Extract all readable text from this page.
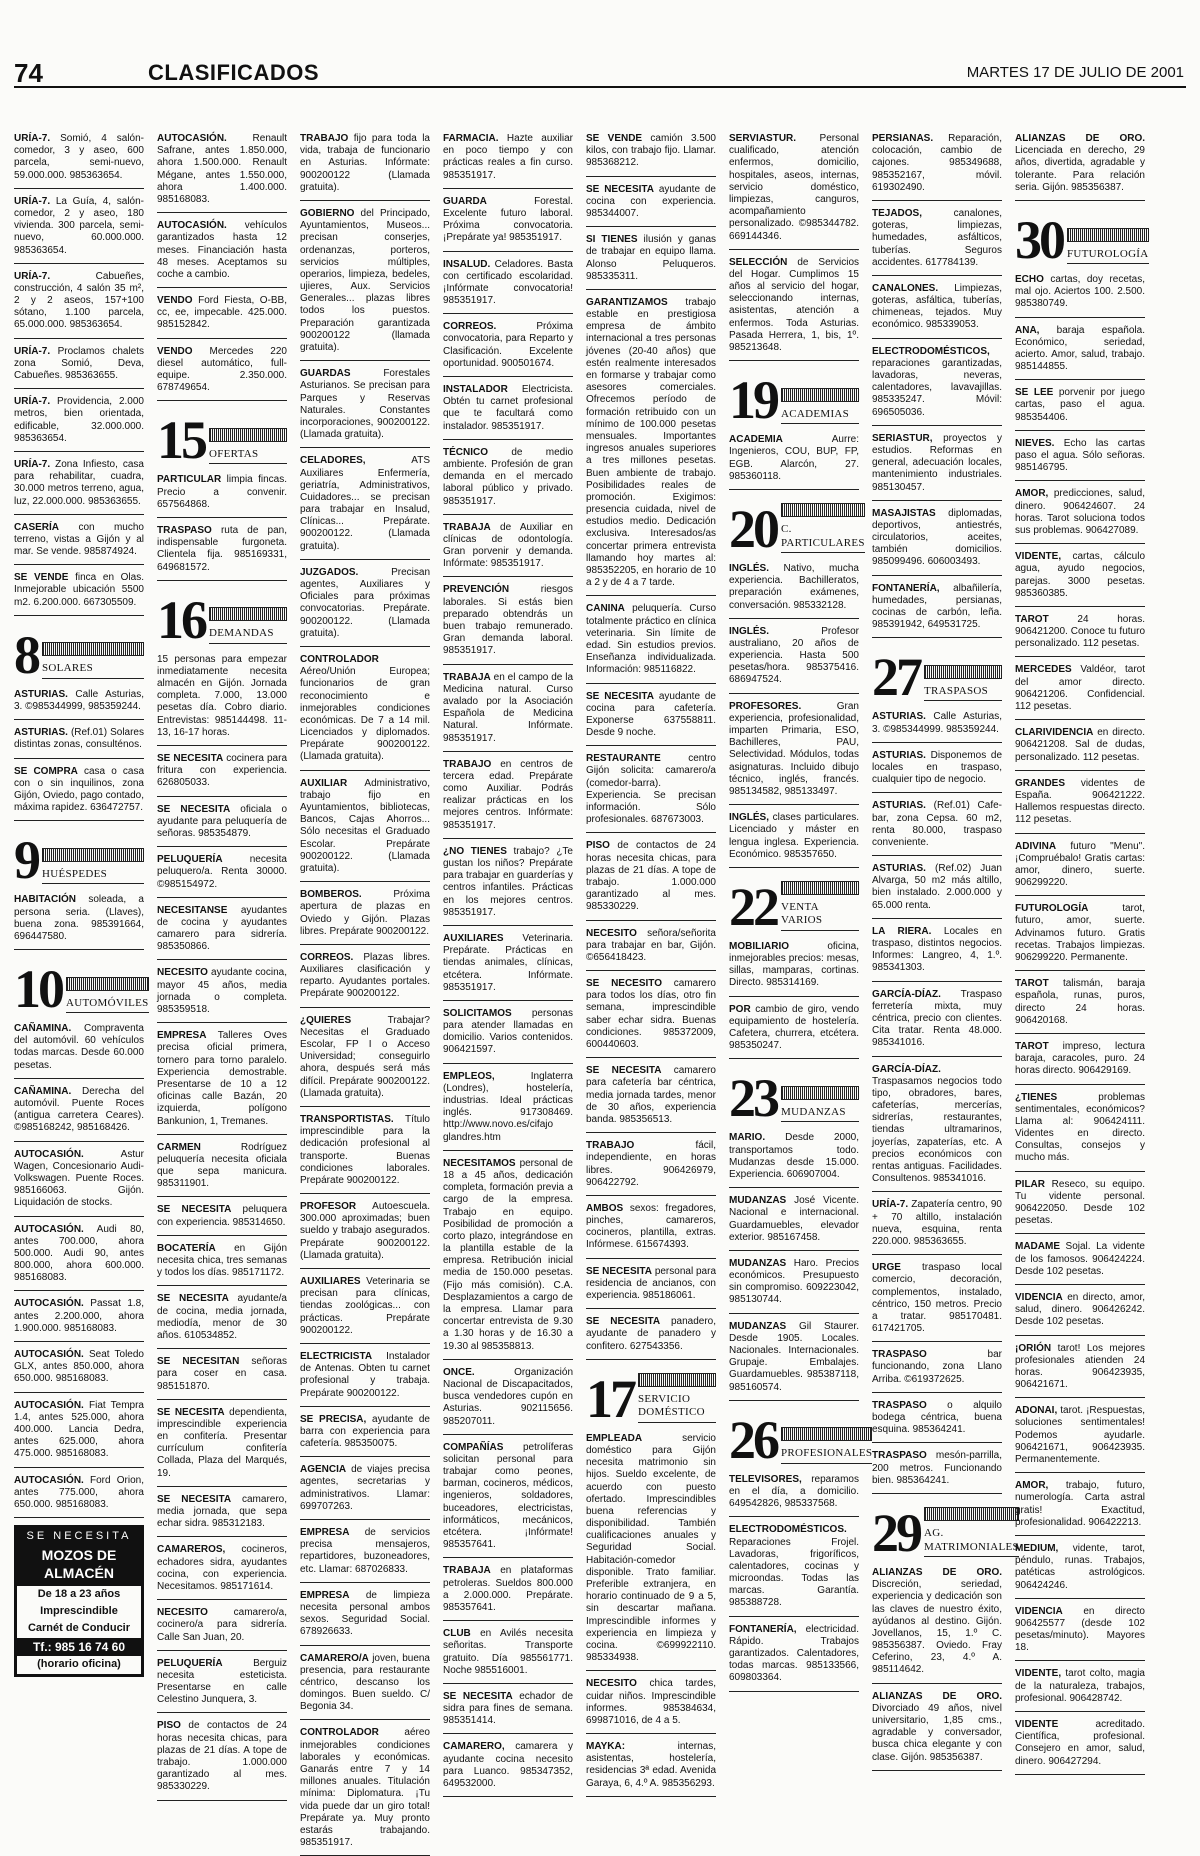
74	CLASIFICADOS	MARTES 17 DE JULIO DE 2001

URÍA-7. Somió, 4 salón-comedor, 3 y aseo, 600 parcela, semi-nuevo, 59.000.000. 985363654.

URÍA-7. La Guía, 4, salón-comedor, 2 y aseo, 180 vivienda. 300 parcela, semi-nuevo, 60.000.000. 985363654.

URÍA-7.	Cabueñes, construcción, 4 salón 35 m², 2 y 2 aseos, 157+100 sótano, 1.100 parcela, 65.000.000. 985363654.

URÍA-7. Proclamos chalets zona Somió, Deva, Cabueñes. 985363655.

URÍA-7. Providencia, 2.000 metros, bien orientada, edificable, 32.000.000. 985363654.

URÍA-7. Zona Infiesto, casa para rehabilitar, cuadra, 30.000 metros terreno, agua, luz, 22.000.000. 985363655.

CASERÍA con mucho terreno, vistas a Gijón y al mar. Se vende. 985874924.

SE VENDE finca en Olas. Inmejorable ubicación 5500 m2. 6.200.000. 667305509.

8 SOLARES

ASTURIAS. Calle Asturias, 3. ©985344999, 985359244.

ASTURIAS. (Ref.01) Solares distintas zonas, consulténos.

SE COMPRA casa o casa con o sin inquilinos, zona Gijón, Oviedo, pago contado, máxima rapidez. 636472757.

9 HUÉSPEDES

HABITACIÓN soleada, a persona seria. (Llaves), buena zona. 985391664, 696447580.

10 AUTOMÓVILES

CAÑAMINA. Compraventa del automóvil. 60 vehículos todas marcas. Desde 60.000 pesetas.

CAÑAMINA. Derecha del automóvil. Puente Roces (antigua carretera Ceares). ©985168242, 985168426.

AUTOCASIÓN.	Astur Wagen, Concesionario Audi-Volkswagen. Puente Roces. 985166063. Gijón. Liquidación de stocks.

AUTOCASIÓN. Audi 80, antes 700.000, ahora 500.000. Audi 90, antes 800.000, ahora 600.000. 985168083.

AUTOCASIÓN. Passat 1.8, antes 2.200.000, ahora 1.900.000. 985168083.

AUTOCASIÓN. Seat Toledo GLX, antes 850.000, ahora 650.000. 985168083.

AUTOCASIÓN. Fiat Tempra 1.4, antes 525.000, ahora 400.000. Lancia Dedra, antes 625.000, ahora 475.000. 985168083.

AUTOCASIÓN. Ford Orion, antes 775.000, ahora 650.000. 985168083.

SE NECESITA
MOZOS DE ALMACÉN
De 18 a 23 años
Imprescindible
Carnét de Conducir
Tf.: 985 16 74 60
(horario oficina)

AUTOCASIÓN.	Renault Safrane, antes 1.850.000, ahora 1.500.000. Renault Mégane, antes 1.550.000, ahora 1.400.000. 985168083.

AUTOCASIÓN. vehículos garantizados hasta 12 meses. Financiación hasta 48 meses. Aceptamos su coche a cambio.

VENDO Ford Fiesta, O-BB, cc, ee, impecable. 425.000. 985152842.

VENDO Mercedes 220 diesel automático, full-equipe. 2.350.000. 678749654.

15 OFERTAS

PARTICULAR limpia fincas. Precio a convenir. 657564868.

TRASPASO ruta de pan, indispensable furgoneta. Clientela fija. 985169331, 649681572.

16 DEMANDAS

15 personas para empezar inmediatamente necesita almacén en Gijón. Jornada completa. 7.000, 13.000 pesetas día. Cobro diario. Entrevistas: 985144498. 11-13, 16-17 horas.

SE NECESITA cocinera para fritura con experiencia. 626805033.

SE NECESITA oficiala o ayudante para peluquería de señoras. 985354879.

PELUQUERÍA	necesita peluquero/a. Renta 30000. ©985154972.

NECESITANSE ayudantes de cocina y ayudantes camarero para sidrería. 985350866.

NECESITO ayudante cocina, mayor 45 años, media jornada o completa. 985359518.

EMPRESA Talleres Oves precisa oficial primera, tornero para torno paralelo. Experiencia demostrable. Presentarse de 10 a 12 oficinas calle Bazán, 20 izquierda, polígono Bankunion, 1, Tremanes.

CARMEN	Rodríguez peluquería necesita oficiala que sepa manicura. 985311901.

SE NECESITA peluquera con experiencia. 985314650.

BOCATERÍA en Gijón necesita chica, tres semanas y todos los días. 985171172.

SE NECESITA ayudante/a de cocina, media jornada, mediodía, menor de 30 años. 610534852.

SE NECESITAN señoras para coser en casa. 985151870.

SE NECESITA dependienta, imprescindible experiencia en confitería. Presentar currículum confitería Collada, Plaza del Marqués, 19.

SE NECESITA camarero, media jornada, que sepa echar sidra. 985312183.

CAMAREROS, cocineros, echadores sidra, ayudantes cocina, con experiencia. Necesitamos. 985171614.

NECESITO	camarero/a, cocinero/a para sidrería. Calle San Juan, 20.

PELUQUERÍA	Berguiz necesita esteticista. Presentarse en calle Celestino Junquera, 3.

PISO de contactos de 24 horas necesita chicas, para plazas de 21 días. A tope de trabajo. 1.000.000 garantizado al mes. 985330229.

TRABAJO fijo para toda la vida, trabaja de funcionario en Asturias. Infórmate: 900200122 (Llamada gratuita).

GOBIERNO del Principado, Ayuntamientos, Museos... precisan conserjes, ordenanzas, porteros, servicios múltiples, operarios, limpieza, bedeles, ujieres, Aux. Servicios Generales... plazas libres todos los puestos. Preparación garantizada 900200122 (llamada gratuita).

GUARDAS	Forestales Asturianos. Se precisan para Parques y Reservas Naturales. Constantes incorporaciones, 900200122. (Llamada gratuita).

CELADORES,	ATS Auxiliares Enfermería, geriatría, Administrativos, Cuidadores... se precisan para trabajar en Insalud, Clínicas... Prepárate. 900200122. (Llamada gratuita).

JUZGADOS.	Precisan agentes, Auxiliares y Oficiales para próximas convocatorias. Prepárate. 900200122. (Llamada gratuita).

CONTROLADOR Aéreo/Unión Europea; funcionarios de gran reconocimiento e inmejorables condiciones económicas. De 7 a 14 mil. Licenciados y diplomados. Prepárate 900200122. (Llamada gratuita).

AUXILIAR Administrativo, trabajo fijo en Ayuntamientos, bibliotecas, Bancos, Cajas Ahorros... Sólo necesitas el Graduado Escolar. Prepárate 900200122. (Llamada gratuita).

BOMBEROS.	Próxima apertura de plazas en Oviedo y Gijón. Plazas libres. Prepárate 900200122.

CORREOS. Plazas libres. Auxiliares clasificación y reparto. Ayudantes portales. Prepárate 900200122.

¿QUIERES	Trabajar? Necesitas el Graduado Escolar, FP I o Acceso Universidad; conseguirlo ahora, después será más difícil. Prepárate 900200122. (Llamada gratuita).

TRANSPORTISTAS. Título imprescindible para la dedicación profesional al transporte. Buenas condiciones laborales. Prepárate 900200122.

PROFESOR Autoescuela. 300.000 aproximadas; buen sueldo y trabajo asegurados. Prepárate 900200122. (Llamada gratuita).

AUXILIARES Veterinaria se precisan para clínicas, tiendas zoológicas... con prácticas. Prepárate 900200122.

ELECTRICISTA Instalador de Antenas. Obten tu carnet profesional y trabaja. Prepárate 900200122.

SE PRECISA, ayudante de barra con experiencia para cafetería. 985350075.

AGENCIA de viajes precisa agentes, secretarias y administrativos. Llamar: 699707263.

EMPRESA de servicios precisa mensajeros, repartidores, buzoneadores, etc. Llamar: 687026833.

EMPRESA de limpieza necesita personal ambos sexos. Seguridad Social. 678926633.

CAMARERO/A joven, buena presencia, para restaurante céntrico, descanso los domingos. Buen sueldo. C/ Begonia 34.

CONTROLADOR	aéreo inmejorables condiciones laborales y económicas. Ganarás entre 7 y 14 millones anuales. Titulación mínima: Diplomatura. ¡Tu vida puede dar un giro total! Prepárate ya. Muy pronto estarás trabajando. 985351917.

FARMACIA. Hazte auxiliar en poco tiempo y con prácticas reales a fin curso. 985351917.

GUARDA	Forestal. Excelente futuro laboral. Próxima convocatoria. ¡Prepárate ya! 985351917.

INSALUD. Celadores. Basta con certificado escolaridad. ¡Infórmate convocatoria! 985351917.

CORREOS.	Próxima convocatoria, para Reparto y Clasificación. Excelente oportunidad. 900501674.

INSTALADOR Electricista. Obtén tu carnet profesional que te facultará como instalador. 985351917.

TÉCNICO de medio ambiente. Profesión de gran demanda en el mercado laboral público y privado. 985351917.

TRABAJA de Auxiliar en clínicas de odontología. Gran porvenir y demanda. Infórmate: 985351917.

PREVENCIÓN	riesgos laborales. Si estás bien preparado obtendrás un buen trabajo remunerado. Gran demanda laboral. 985351917.

TRABAJA en el campo de la Medicina natural. Curso avalado por la Asociación Española de Medicina Natural. Infórmate. 985351917.

TRABAJO en centros de tercera edad. Prepárate como Auxiliar. Podrás realizar prácticas en los mejores centros. Infórmate: 985351917.

¿NO TIENES trabajo? ¿Te gustan los niños? Prepárate para trabajar en guarderías y centros infantiles. Prácticas en los mejores centros. 985351917.

AUXILIARES Veterinaria. Prepárate. Prácticas en tiendas animales, clínicas, etcétera. Infórmate. 985351917.

SOLICITAMOS personas para atender llamadas en domicilio. Varios contenidos. 906421597.

EMPLEOS,	Inglaterra (Londres), hostelería, industrias. Ideal prácticas inglés. 917308469. http://www.novo.es/cifajo glandres.htm

NECESITAMOS personal de 18 a 45 años, dedicación completa, formación previa a cargo de la empresa. Trabajo en equipo. Posibilidad de promoción a corto plazo, integrándose en la plantilla estable de la empresa. Retribución inicial media de 150.000 pesetas. (Fijo más comisión). C.A. Desplazamientos a cargo de la empresa. Llamar para concertar entrevista de 9.30 a 1.30 horas y de 16.30 a 19.30 al 985358813.

ONCE.	Organización Nacional de Discapacitados, busca vendedores cupón en Asturias. 902115656. 985207011.

COMPAÑÍAS petrolíferas solicitan personal para trabajar como peones, barman, cocineros, médicos, ingenieros, soldadores, buceadores, electricistas, informáticos, mecánicos, etcétera. ¡Infórmate! 985357641.

TRABAJA en plataformas petroleras. Sueldos 800.000 a 2.000.000. Prepárate. 985357641.

CLUB en Avilés necesita señoritas. Transporte gratuito. Día 985561771. Noche 985516001.

SE NECESITA echador de sidra para fines de semana. 985351414.

CAMARERO, camarera y ayudante cocina necesito para Luanco. 985347352, 649532000.

SE VENDE camión 3.500 kilos, con trabajo fijo. Llamar. 985368212.

SE NECESITA ayudante de cocina con experiencia. 985344007.

SI TIENES ilusión y ganas de trabajar en equipo llama. Alonso Peluqueros. 985335311.

GARANTIZAMOS trabajo estable en prestigiosa empresa de ámbito internacional a tres personas jóvenes (20-40 años) que estén realmente interesados en formarse y trabajar como asesores comerciales. Ofrecemos período de formación retribuido con un mínimo de 100.000 pesetas mensuales. Importantes ingresos anuales superiores a tres millones pesetas. Buen ambiente de trabajo. Posibilidades reales de promoción. Exigimos: presencia cuidada, nivel de estudios medio. Dedicación exclusiva. Interesados/as concertar primera entrevista llamando hoy martes al: 985352205, en horario de 10 a 2 y de 4 a 7 tarde.

CANINA peluquería. Curso totalmente práctico en clínica veterinaria. Sin límite de edad. Sin estudios previos. Enseñanza individualizada. Información: 985116822.

SE NECESITA ayudante de cocina para cafetería. Exponerse 637558811. Desde 9 noche.

RESTAURANTE	centro Gijón solicita: camarero/a (comedor-barra). Experiencia. Se precisan información. Sólo profesionales. 687673003.

PISO de contactos de 24 horas necesita chicas, para plazas de 21 días. A tope de trabajo. 1.000.000 garantizado al mes. 985330229.

NECESITO señora/señorita para trabajar en bar, Gijón. ©656418423.

SE NECESITO camarero para todos los días, otro fin semana, imprescindible saber echar sidra. Buenas condiciones. 985372009, 600440603.

SE NECESITA camarero para cafetería bar céntrica, media jornada tardes, menor de 30 años, experiencia banda. 985356513.

TRABAJO	fácil, independiente, en horas libres. 906426979, 906422792.

AMBOS sexos: fregadores, pinches, camareros, cocineros, plantilla, extras. Infórmese. 615674393.

SE NECESITA personal para residencia de ancianos, con experiencia. 985186061.

SE NECESITA panadero, ayudante de panadero y confitero. 627543356.

17 SERVICIO DOMÉSTICO

EMPLEADA	servicio doméstico para Gijón necesita matrimonio sin hijos. Sueldo excelente, de acuerdo con puesto ofertado. Imprescindibles buena referencias y disponibilidad. También cualificaciones anuales y Seguridad Social. Habitación-comedor disponible. Trato familiar. Preferible extranjera, en horario continuado de 9 a 5, sin descartar mañana. Imprescindible informes y experiencia en limpieza y cocina. ©699922110. 985334938.

NECESITO chica tardes, cuidar niños. Imprescindible informes. 985384634, 699871016, de 4 a 5.

MAYKA:	internas, asistentas, hostelería, residencias 3ª edad. Avenida Garaya, 6, 4.º A. 985356293.

SERVIASTUR. Personal cualificado, atención enfermos, domicilio, hospitales, aseos, internas, servicio doméstico, limpiezas, canguros, acompañamiento personalizado. ©985344782. 669144346.

SELECCIÓN de Servicios del Hogar. Cumplimos 15 años al servicio del hogar, seleccionando internas, asistentas, atención a enfermos. Toda Asturias. Pasada Herrera, 1, bis, 1º. 985213648.

19 ACADEMIAS

ACADEMIA	Aurre: Ingenieros, COU, BUP, FP, EGB. Alarcón, 27. 985360118.

20 C. PARTICULARES

INGLÉS. Nativo, mucha experiencia. Bachilleratos, preparación exámenes, conversación. 985332128.

INGLÉS.	Profesor australiano, 20 años de experiencia. Hasta 500 pesetas/hora. 985375416. 686947524.

PROFESORES.	Gran experiencia, profesionalidad, imparten Primaria, ESO, Bachilleres, PAU, Selectividad. Módulos, todas asignaturas. Incluido dibujo técnico, inglés, francés. 985134582, 985133497.

INGLÉS, clases particulares. Licenciado y máster en lengua inglesa. Experiencia. Económico. 985357650.

22 VENTA VARIOS

MOBILIARIO	oficina, inmejorables precios: mesas, sillas, mamparas, cortinas. Directo. 985314169.

POR cambio de giro, vendo equipamiento de hostelería. Cafetera, churrera, etcétera. 985350247.

23 MUDANZAS

MARIO. Desde 2000, transportamos todo. Mudanzas desde 15.000. Experiencia. 606907004.

MUDANZAS José Vicente. Nacional e internacional. Guardamuebles, elevador exterior. 985167458.

MUDANZAS Haro. Precios económicos. Presupuesto sin compromiso. 609223042, 985130744.

MUDANZAS Gil Staurer. Desde 1905. Locales. Nacionales. Internacionales. Grupaje. Embalajes. Guardamuebles. 985387118, 985160574.

26 PROFESIONALES

TELEVISORES, reparamos en el día, a domicilio. 649542826, 985337568.

ELECTRODOMÉSTICOS. Reparaciones Frojel. Lavadoras, frigoríficos, calentadores, cocinas y microondas. Todas las marcas. Garantía. 985388728.

FONTANERÍA, electricidad. Rápido. Trabajos garantizados. Calentadores, todas marcas. 985133566, 609803364.

PERSIANAS. Reparación, colocación, cambio de cajones. 985349688, 985352167, móvil. 619302490.

TEJADOS,	canalones, goteras, limpiezas, humedades, asfálticos, tuberías. Seguros accidentes. 617784139.

CANALONES. Limpiezas, goteras, asfáltica, tuberías, chimeneas, tejados. Muy económico. 985339053.

ELECTRODOMÉSTICOS, reparaciones garantizadas, lavadoras, neveras, calentadores, lavavajillas. 985335247. Móvil: 696505036.

SERIASTUR, proyectos y estudios. Reformas en general, adecuación locales, mantenimiento industriales. 985130457.

MASAJISTAS diplomadas, deportivos, antiestrés, circulatorios, aceites, también domicilios. 985099496. 606003493.

FONTANERÍA, albañilería, humedades, persianas, cocinas de carbón, leña. 985391942, 649531725.

27 TRASPASOS

ASTURIAS. Calle Asturias, 3. ©985344999. 985359244.

ASTURIAS. Disponemos de locales en traspaso, cualquier tipo de negocio.

ASTURIAS. (Ref.01) Cafe-bar, zona Cepsa. 60 m2, renta 80.000, traspaso conveniente.

ASTURIAS. (Ref.02) Juan Alvarga, 50 m2 más altillo, bien instalado. 2.000.000 y 65.000 renta.

LA RIERA. Locales en traspaso, distintos negocios. Informes: Langreo, 4, 1.º. 985341303.

GARCÍA-DÍAZ. Traspaso ferretería mixta, muy céntrica, precio con clientes. Cita tratar. Renta 48.000. 985341016.

GARCÍA-DÍAZ. Traspasamos negocios todo tipo, obradores, bares, cafeterías, mercerías, sidrerías, restaurantes, tiendas ultramarinos, joyerías, zapaterías, etc. A precios económicos con rentas antiguas. Facilidades. Consultenos. 985341016.

URÍA-7. Zapatería centro, 90 + 70 altillo, instalación nueva, esquina, renta 220.000. 985363655.

URGE traspaso local comercio, decoración, complementos, instalado, céntrico, 150 metros. Precio a tratar. 985170481. 617421705.

TRASPASO	bar funcionando, zona Llano Arriba. ©619372625.

TRASPASO o alquilo bodega céntrica, buena esquina. 985364241.

TRASPASO mesón-parrilla, 200 metros. Funcionando bien. 985364241.

29 AG. MATRIMONIALES

ALIANZAS DE ORO. Discreción, seriedad, experiencia y dedicación son las claves de nuestro éxito, ayúdanos al destino. Gijón. Jovellanos, 15, 1.º C. 985356387. Oviedo. Fray Ceferino, 23, 4.º A. 985114642.

ALIANZAS DE ORO. Divorciado 49 años, nivel universitario, 1,85 cms., agradable y conversador, busca chica elegante y con clase. Gijón. 985356387.

ALIANZAS DE ORO. Licenciada en derecho, 29 años, divertida, agradable y tolerante. Para relación seria. Gijón. 985356387.

30 FUTUROLOGÍA

ECHO cartas, doy recetas, mal ojo. Aciertos 100. 2.500. 985380749.

ANA, baraja española. Económico, seriedad, acierto. Amor, salud, trabajo. 985144855.

SE LEE porvenir por juego cartas, paso el agua. 985354406.

NIEVES. Echo las cartas paso el agua. Sólo señoras. 985146795.

AMOR, predicciones, salud, dinero. 906424607. 24 horas. Tarot soluciona todos sus problemas. 906427089.

VIDENTE, cartas, cálculo agua, ayudo negocios, parejas. 3000 pesetas. 985360385.

TAROT	24 horas. 906421200. Conoce tu futuro personalizado. 112 pesetas.

MERCEDES Valdéor, tarot del amor directo. 906421206. Confidencial. 112 pesetas.

CLARIVIDENCIA en directo. 906421208. Sal de dudas, personalizado. 112 pesetas.

GRANDES videntes de España. 906421222. Hallemos respuestas directo. 112 pesetas.

ADIVINA futuro "Menu". ¡Compruébalo! Gratis cartas: amor, dinero, suerte. 906299220.

FUTUROLOGÍA	tarot, futuro, amor, suerte. Advinamos futuro. Gratis recetas. Trabajos limpiezas. 906299220. Permanente.

TAROT talismán, baraja española, runas, puros, directo 24 horas. 906420168.

TAROT impreso, lectura baraja, caracoles, puro. 24 horas directo. 906429169.

¿TIENES	problemas sentimentales, económicos? Llama al: 906424111. Videntes en directo. Consultas, consejos y mucho más.

PILAR Reseco, su equipo. Tu vidente personal. 906422050. Desde 102 pesetas.

MADAME Sojal. La vidente de los famosos. 906424224. Desde 102 pesetas.

VIDENCIA en directo, amor, salud, dinero. 906426242. Desde 102 pesetas.

¡ORIÓN tarot! Los mejores profesionales atienden 24 horas. 906423935, 906421671.

ADONAI, tarot. ¡Respuestas, soluciones sentimentales! Podemos ayudarle. 906421671, 906423935. Permanentemente.

AMOR, trabajo, futuro, numerología. Carta astral gratis! Exactitud, profesionalidad. 906422213.

MEDIUM, vidente, tarot, péndulo, runas. Trabajos, patéticas astrológicos. 906424246.

VIDENCIA en directo 906425577 (desde 102 pesetas/minuto). Mayores 18.

VIDENTE, tarot colto, magia de la naturaleza, trabajos, profesional. 906428742.

VIDENTE	acreditado. Científica, profesional. Consejero en amor, salud, dinero. 906427294.
